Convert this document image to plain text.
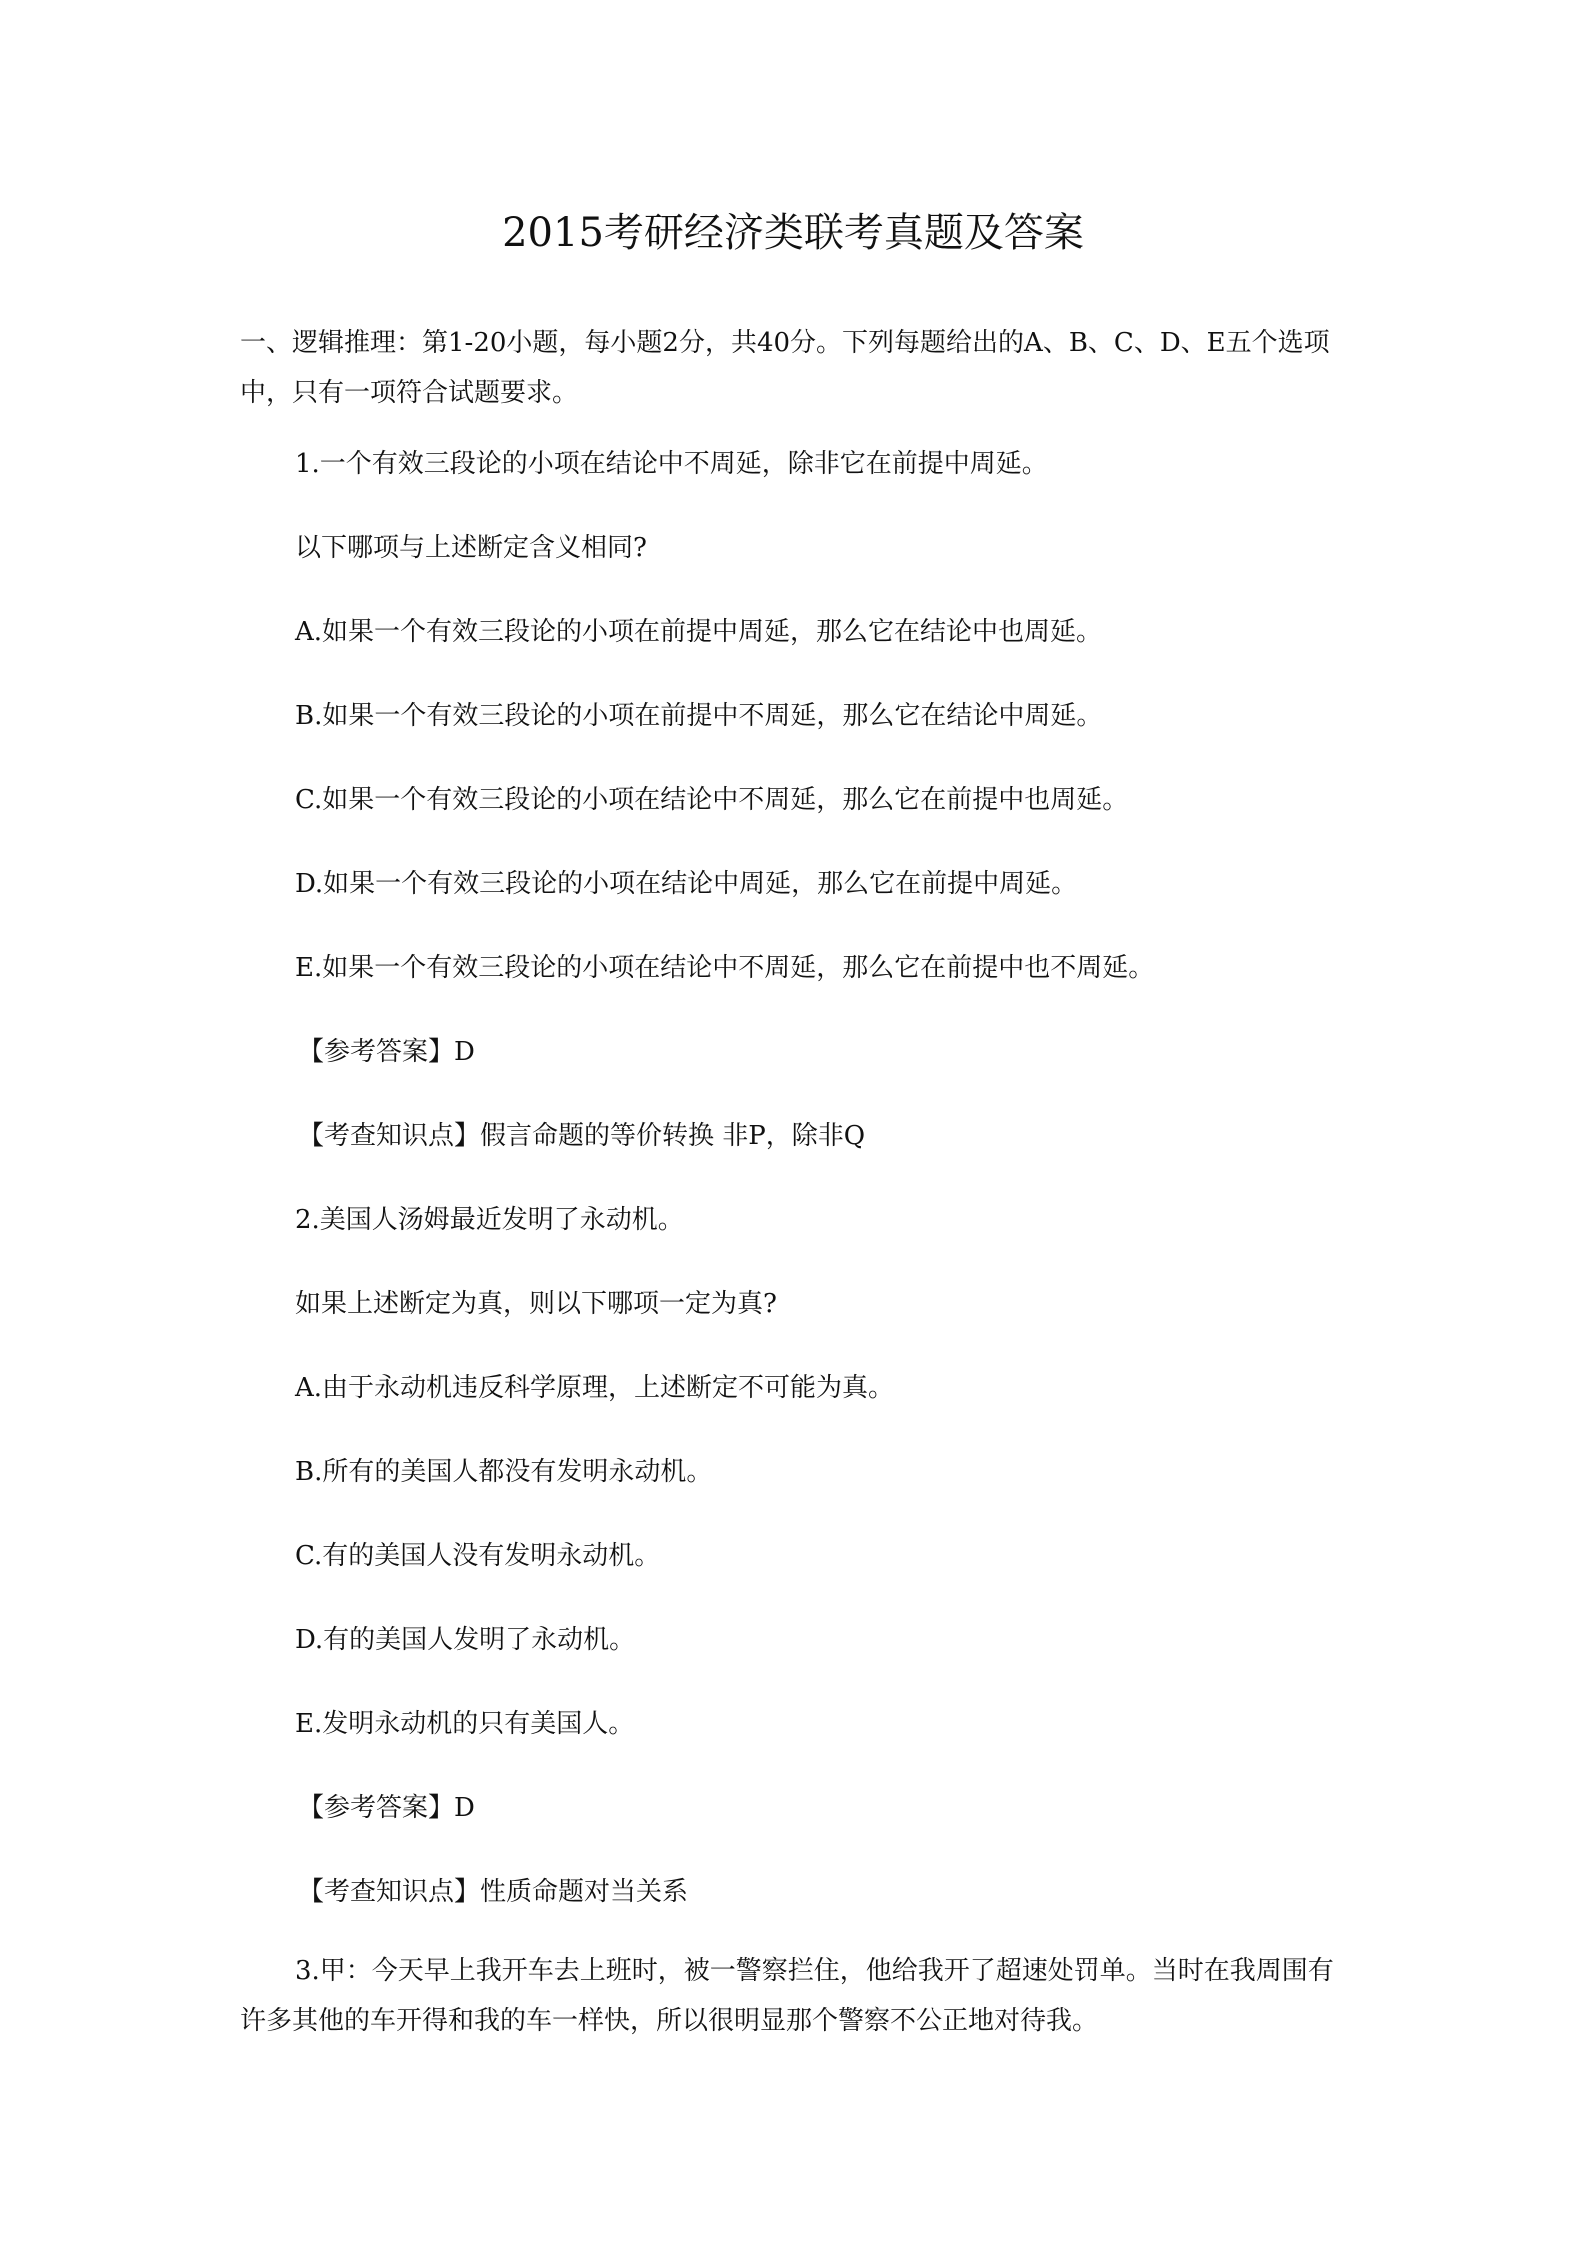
2015考研经济类联考真题及答案

一、逻辑推理：第1-20小题，每小题2分，共40分。下列每题给出的A、B、C、D、E五个选项中，只有一项符合试题要求。

1.一个有效三段论的小项在结论中不周延，除非它在前提中周延。

以下哪项与上述断定含义相同?

A.如果一个有效三段论的小项在前提中周延，那么它在结论中也周延。

B.如果一个有效三段论的小项在前提中不周延，那么它在结论中周延。

C.如果一个有效三段论的小项在结论中不周延，那么它在前提中也周延。

D.如果一个有效三段论的小项在结论中周延，那么它在前提中周延。

E.如果一个有效三段论的小项在结论中不周延，那么它在前提中也不周延。

【参考答案】D

【考查知识点】假言命题的等价转换 非P，除非Q

2.美国人汤姆最近发明了永动机。

如果上述断定为真，则以下哪项一定为真?

A.由于永动机违反科学原理，上述断定不可能为真。

B.所有的美国人都没有发明永动机。

C.有的美国人没有发明永动机。

D.有的美国人发明了永动机。

E.发明永动机的只有美国人。

【参考答案】D

【考查知识点】性质命题对当关系

3.甲：今天早上我开车去上班时，被一警察拦住，他给我开了超速处罚单。当时在我周围有许多其他的车开得和我的车一样快，所以很明显那个警察不公正地对待我。
